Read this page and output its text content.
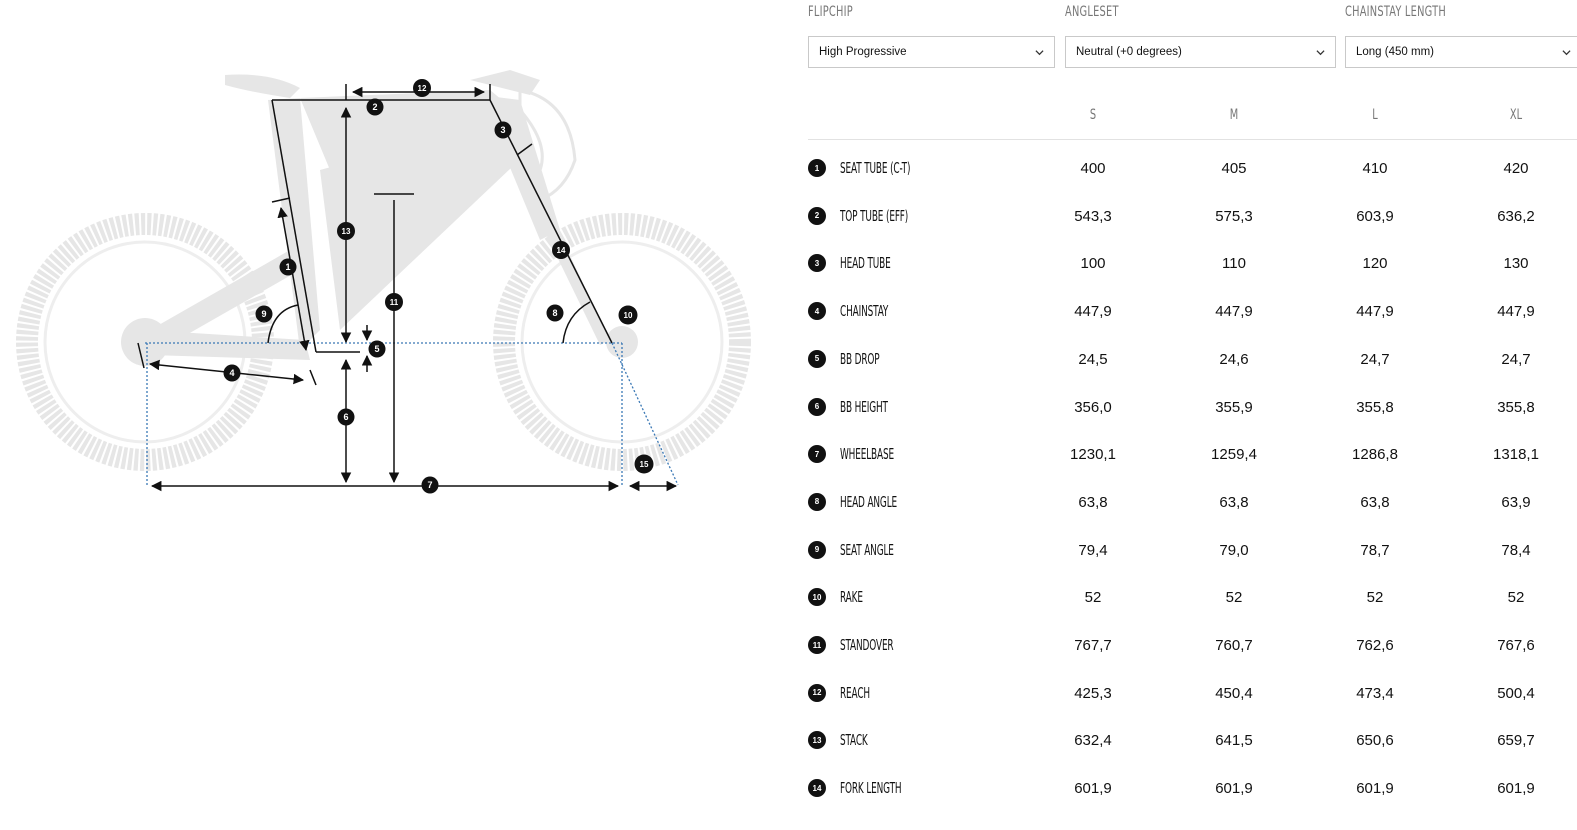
1
2
3
4
5
6
7
8
9	10
11
12
13
14
15
FLIPCHIP
High Progressive
ANGLESET
Neutral (+0 degrees)
CHAINSTAY LENGTH
Long (450 mm)
S	M	L	XL
1	SEAT TUBE (C-T)	400	405	410	420
2	TOP TUBE (EFF)	543,3	575,3	603,9	636,2
3	HEAD TUBE	100	110	120	130
4	CHAINSTAY	447,9	447,9	447,9	447,9
5	BB DROP	24,5	24,6	24,7	24,7
6	BB HEIGHT	356,0	355,9	355,8	355,8
7	WHEELBASE	1230,1	1259,4	1286,8	1318,1
8	HEAD ANGLE	63,8	63,8	63,8	63,9
9	SEAT ANGLE	79,4	79,0	78,7	78,4
10	RAKE	52	52	52	52
11	STANDOVER	767,7	760,7	762,6	767,6
12	REACH	425,3	450,4	473,4	500,4
13	STACK	632,4	641,5	650,6	659,7
14	FORK LENGTH	601,9	601,9	601,9	601,9
